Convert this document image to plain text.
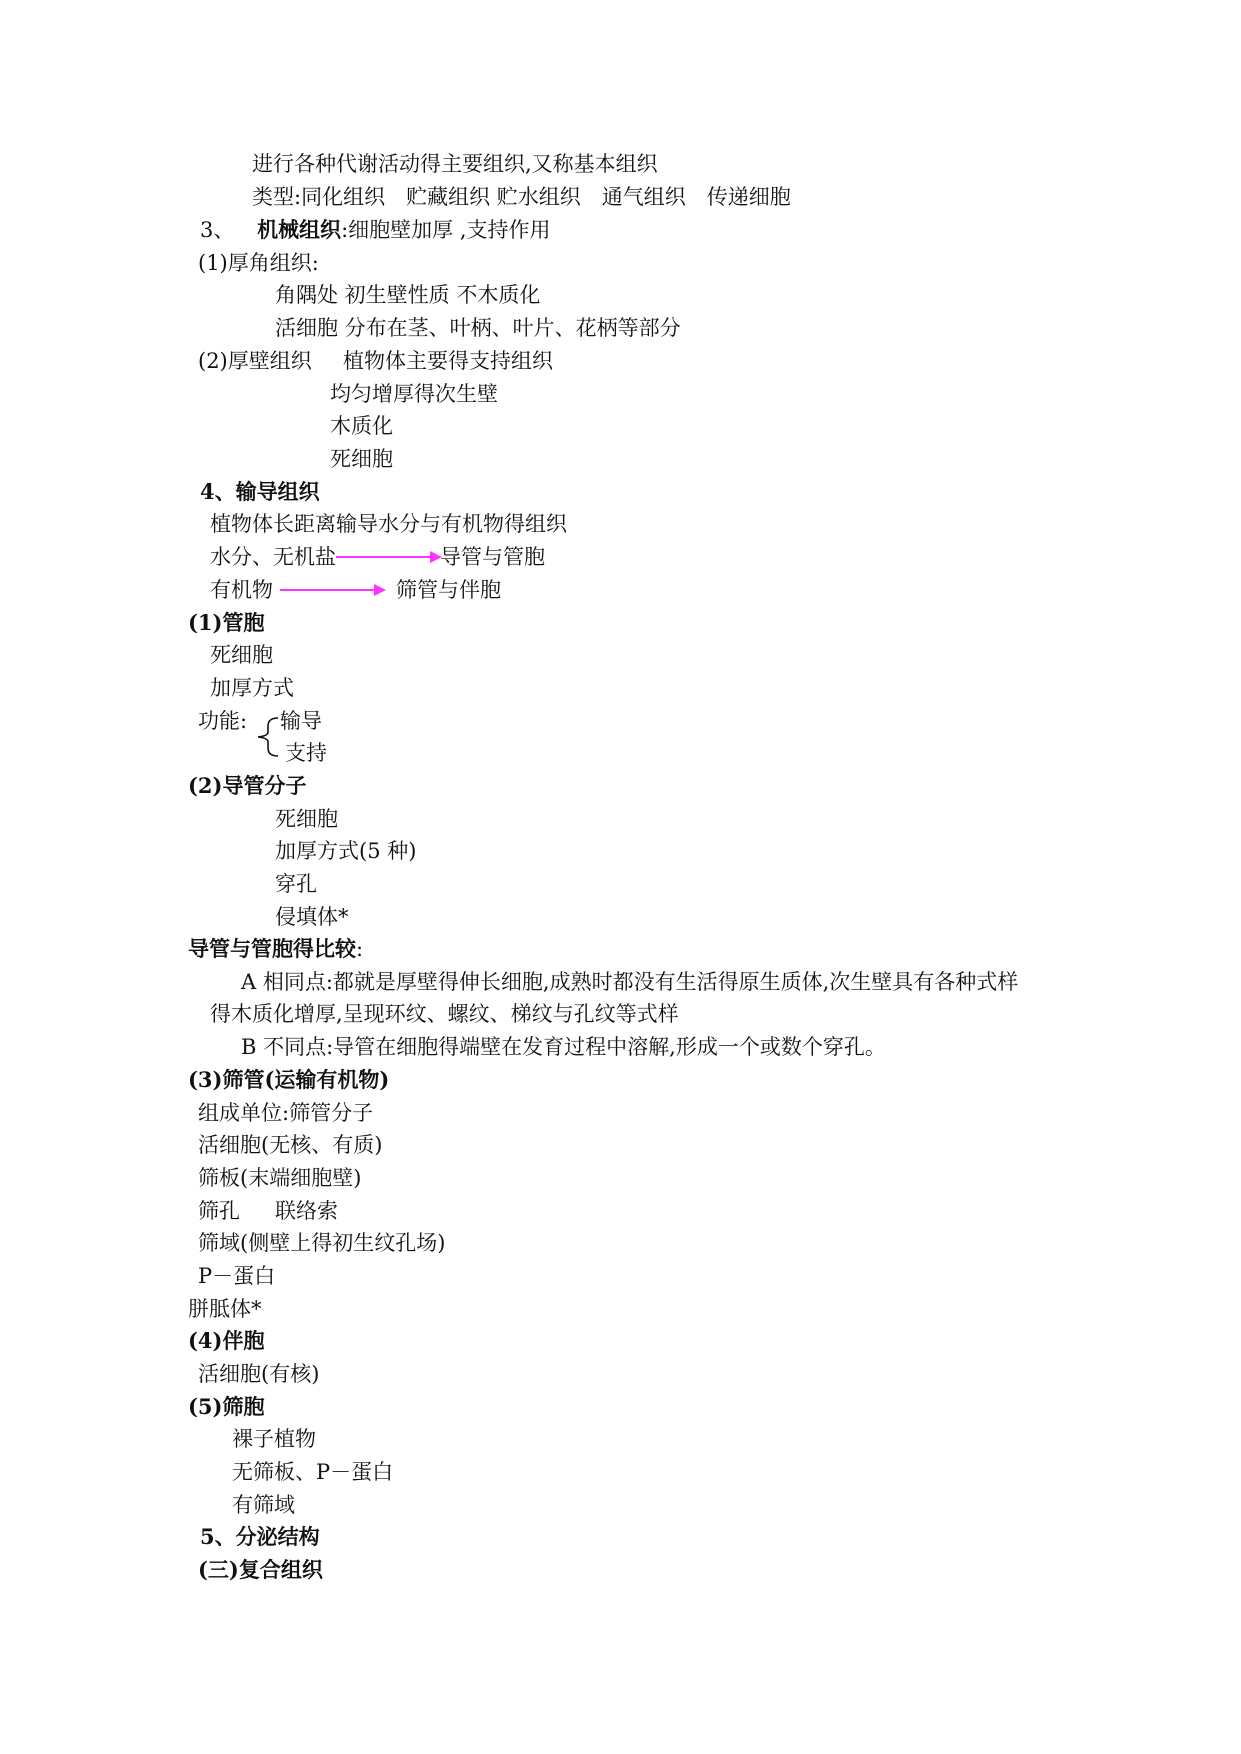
进行各种代谢活动得主要组织,又称基本组织
类型:同化组织　贮藏组织 贮水组织　通气组织　传递细胞
3、 机械组织:细胞壁加厚 ,支持作用
(1)厚角组织:
角隅处 初生壁性质 不木质化
活细胞 分布在茎、叶柄、叶片、花柄等部分
(2)厚壁组织 植物体主要得支持组织
均匀增厚得次生壁
木质化
死细胞
4、输导组织
植物体长距离输导水分与有机物得组织
水分、无机盐	导管与管胞
有机物	筛管与伴胞
(1)管胞
死细胞
加厚方式
功能: 输导
支持
(2)导管分子
死细胞
加厚方式(5 种)
穿孔
侵填体*
导管与管胞得比较:
A 相同点:都就是厚壁得伸长细胞,成熟时都没有生活得原生质体,次生壁具有各种式样
得木质化增厚,呈现环纹、螺纹、梯纹与孔纹等式样
B 不同点:导管在细胞得端壁在发育过程中溶解,形成一个或数个穿孔。
(3)筛管(运输有机物)
组成单位:筛管分子
活细胞(无核、有质)
筛板(末端细胞壁)
筛孔 联络索
筛域(侧壁上得初生纹孔场)
P－蛋白
胼胝体*
(4)伴胞
活细胞(有核)
(5)筛胞
裸子植物
无筛板、P－蛋白
有筛域
5、分泌结构
(三)复合组织
